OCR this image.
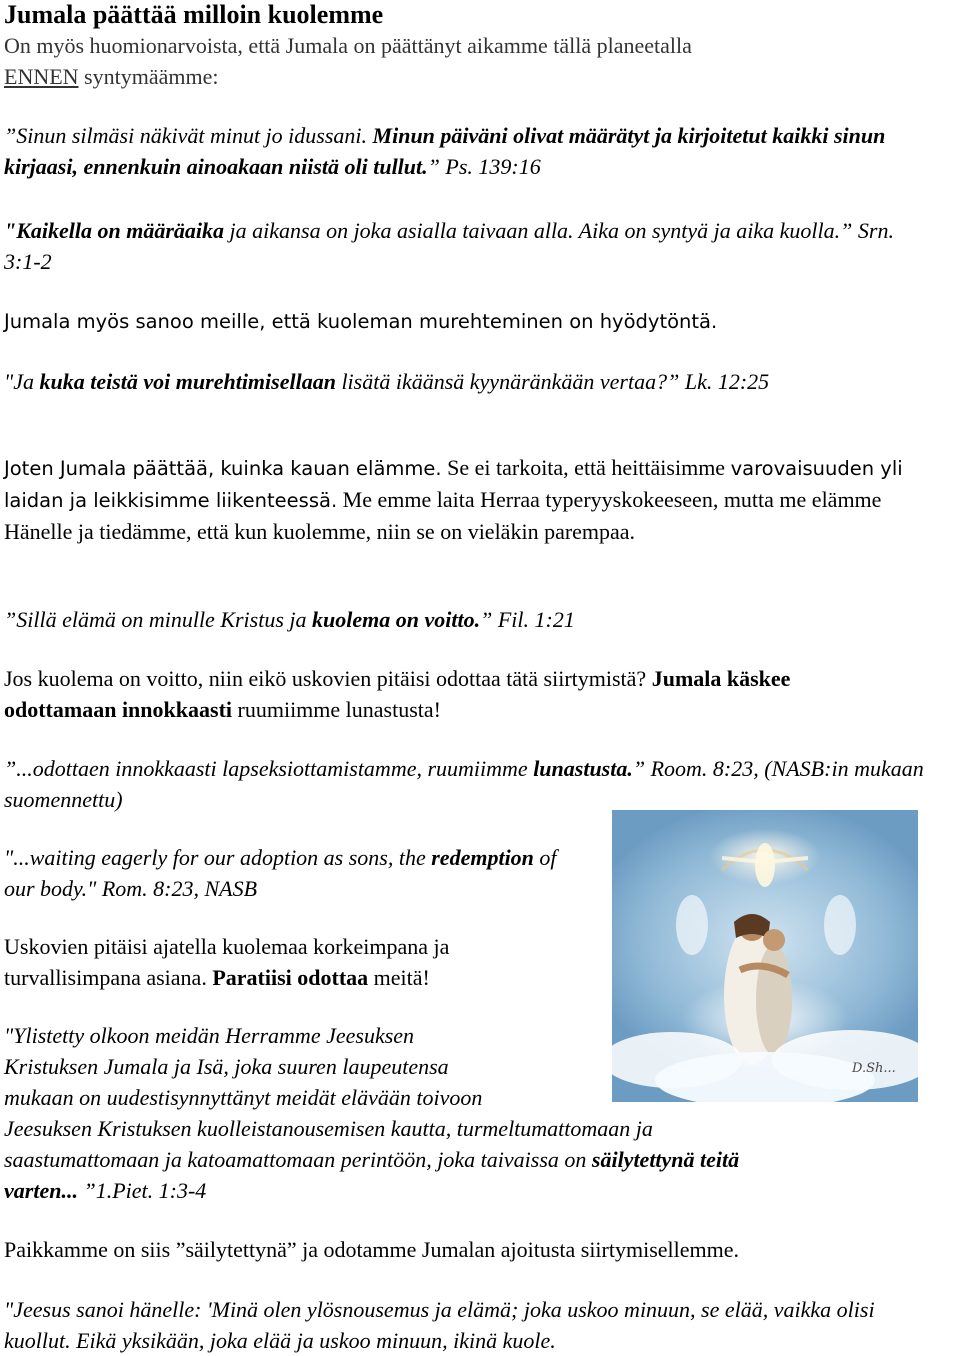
Jumala päättää milloin kuolemme

On myös huomionarvoista, että Jumala on päättänyt aikamme tällä planeetalla
ENNEN syntymäämme:

”Sinun silmäsi näkivät minut jo idussani. Minun päiväni olivat määrätyt ja kirjoitetut kaikki sinun kirjaasi, ennenkuin ainoakaan niistä oli tullut.” Ps. 139:16

"Kaikella on määräaika ja aikansa on joka asialla taivaan alla. Aika on syntyä ja aika kuolla.” Srn. 3:1-2

Jumala myös sanoo meille, että kuoleman murehteminen on hyödytöntä.

"Ja kuka teistä voi murehtimisellaan lisätä ikäänsä kyynäränkään vertaa?” Lk. 12:25

Joten Jumala päättää, kuinka kauan elämme. Se ei tarkoita, että heittäisimme varovaisuuden yli laidan ja leikkisimme liikenteessä. Me emme laita Herraa typeryyskokeeseen, mutta me elämme Hänelle ja tiedämme, että kun kuolemme, niin se on vieläkin parempaa.

”Sillä elämä on minulle Kristus ja kuolema on voitto.” Fil. 1:21

Jos kuolema on voitto, niin eikö uskovien pitäisi odottaa tätä siirtymistä? Jumala käskee odottamaan innokkaasti ruumiimme lunastusta!

”...odottaen innokkaasti lapseksiottamistamme, ruumiimme lunastusta.” Room. 8:23, (NASB:in mukaan suomennettu)

"...waiting eagerly for our adoption as sons, the redemption of our body." Rom. 8:23, NASB

Uskovien pitäisi ajatella kuolemaa korkeimpana ja turvallisimpana asiana. Paratiisi odottaa meitä!

"Ylistetty olkoon meidän Herramme Jeesuksen
Kristuksen Jumala ja Isä, joka suuren laupeutensa
mukaan on uudestisynnyttänyt meidät elävään toivoon
Jeesuksen Kristuksen kuolleistanousemisen kautta, turmeltumattomaan ja
saastumattomaan ja katoamattomaan perintöön, joka taivaissa on säilytettynä teitä
varten... ”1.Piet. 1:3-4

Paikkamme on siis ”säilytettynä” ja odotamme Jumalan ajoitusta siirtymisellemme.

"Jeesus sanoi hänelle: 'Minä olen ylösnousemus ja elämä; joka uskoo minuun, se elää, vaikka olisi kuollut. Eikä yksikään, joka elää ja uskoo minuun, ikinä kuole.

D.Sh...
